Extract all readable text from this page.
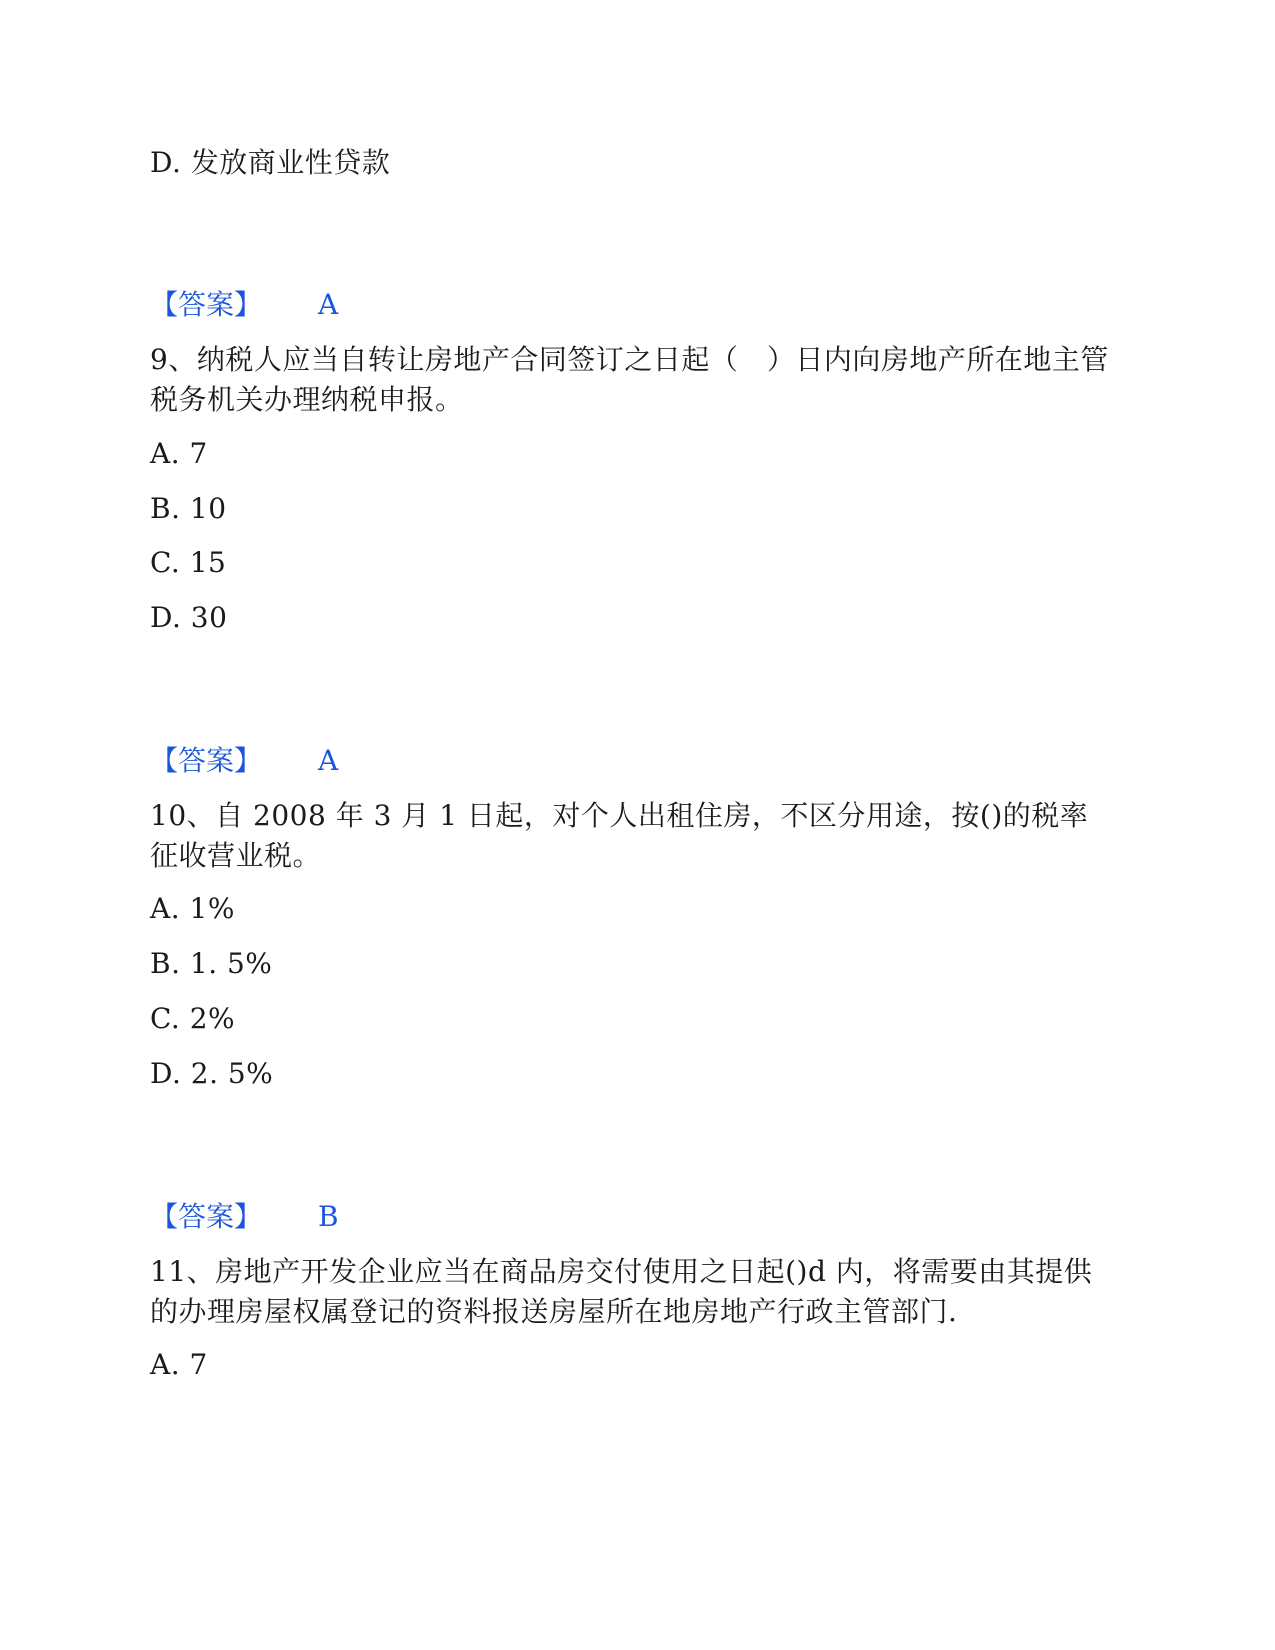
D. 发放商业性贷款
【答案】 A
9、纳税人应当自转让房地产合同签订之日起（　）日内向房地产所在地主管税务机关办理纳税申报。
A. 7
B. 10
C. 15
D. 30
【答案】 A
10、自 2008 年 3 月 1 日起，对个人出租住房，不区分用途，按()的税率征收营业税。
A. 1%
B. 1. 5%
C. 2%
D. 2. 5%
【答案】 B
11、房地产开发企业应当在商品房交付使用之日起()d 内，将需要由其提供的办理房屋权属登记的资料报送房屋所在地房地产行政主管部门.
A. 7
